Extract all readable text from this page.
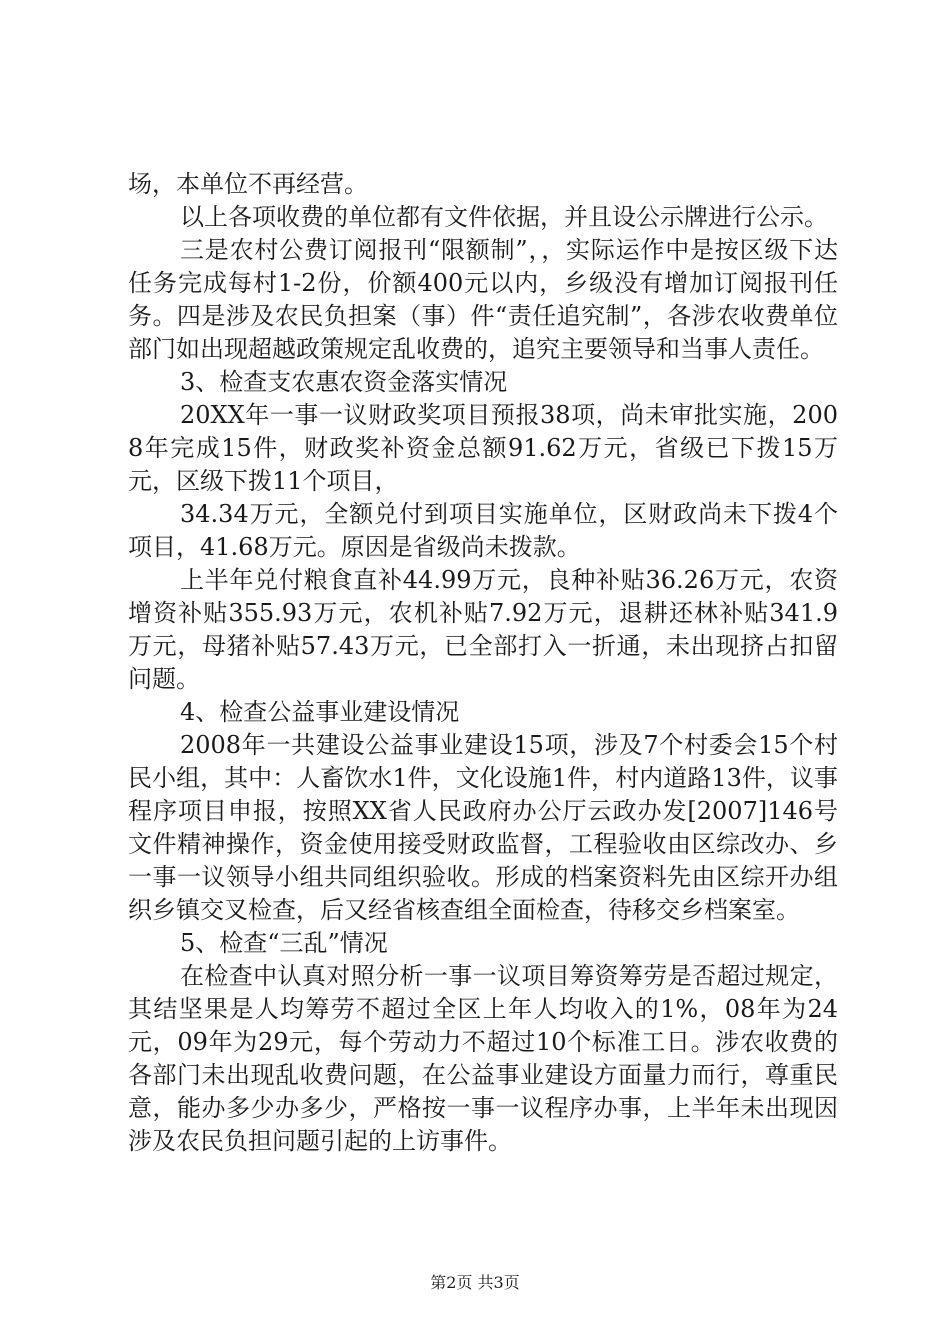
场，本单位不再经营。

以上各项收费的单位都有文件依据，并且设公示牌进行公示。

三是农村公费订阅报刊“限额制”，，实际运作中是按区级下达任务完成每村1-2份，价额400元以内，乡级没有增加订阅报刊任务。四是涉及农民负担案（事）件“责任追究制”，各涉农收费单位部门如出现超越政策规定乱收费的，追究主要领导和当事人责任。

3、检查支农惠农资金落实情况

20XX年一事一议财政奖项目预报38项，尚未审批实施，2008年完成15件，财政奖补资金总额91.62万元，省级已下拨15万元，区级下拨11个项目，

34.34万元，全额兑付到项目实施单位，区财政尚未下拨4个项目，41.68万元。原因是省级尚未拨款。

上半年兑付粮食直补44.99万元，良种补贴36.26万元，农资增资补贴355.93万元，农机补贴7.92万元，退耕还林补贴341.9万元，母猪补贴57.43万元，已全部打入一折通，未出现挤占扣留问题。

4、检查公益事业建设情况

2008年一共建设公益事业建设15项，涉及7个村委会15个村民小组，其中：人畜饮水1件，文化设施1件，村内道路13件，议事程序项目申报，按照XX省人民政府办公厅云政办发[2007]146号文件精神操作，资金使用接受财政监督，工程验收由区综改办、乡一事一议领导小组共同组织验收。形成的档案资料先由区综开办组织乡镇交叉检查，后又经省核查组全面检查，待移交乡档案室。

5、检查“三乱”情况

在检查中认真对照分析一事一议项目筹资筹劳是否超过规定，其结坚果是人均筹劳不超过全区上年人均收入的1%，08年为24元，09年为29元，每个劳动力不超过10个标准工日。涉农收费的各部门未出现乱收费问题，在公益事业建设方面量力而行，尊重民意，能办多少办多少，严格按一事一议程序办事，上半年未出现因涉及农民负担问题引起的上访事件。

第2页 共3页
